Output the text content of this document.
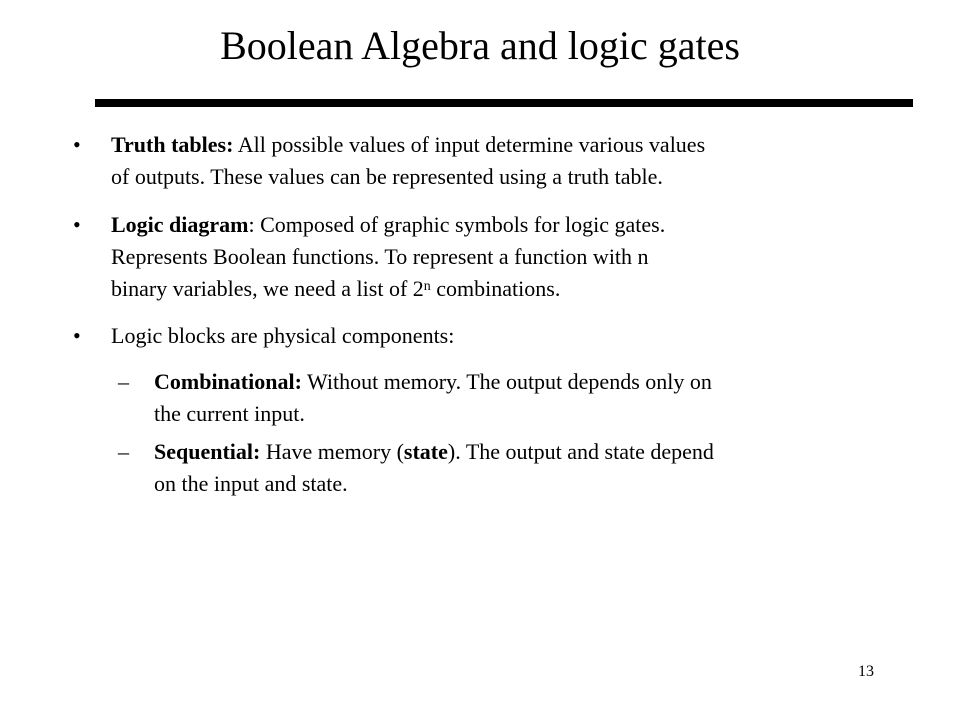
Boolean Algebra and logic gates
• Truth tables: All possible values of input determine various values
of outputs. These values can be represented using a truth table.
• Logic diagram: Composed of graphic symbols for logic gates.
Represents Boolean functions. To represent a function with n
binary variables, we need a list of 2$^n$ combinations.
• Logic blocks are physical components:
– Combinational: Without memory. The output depends only on
the current input.
– Sequential: Have memory (state). The output and state depend
on the input and state.
13
